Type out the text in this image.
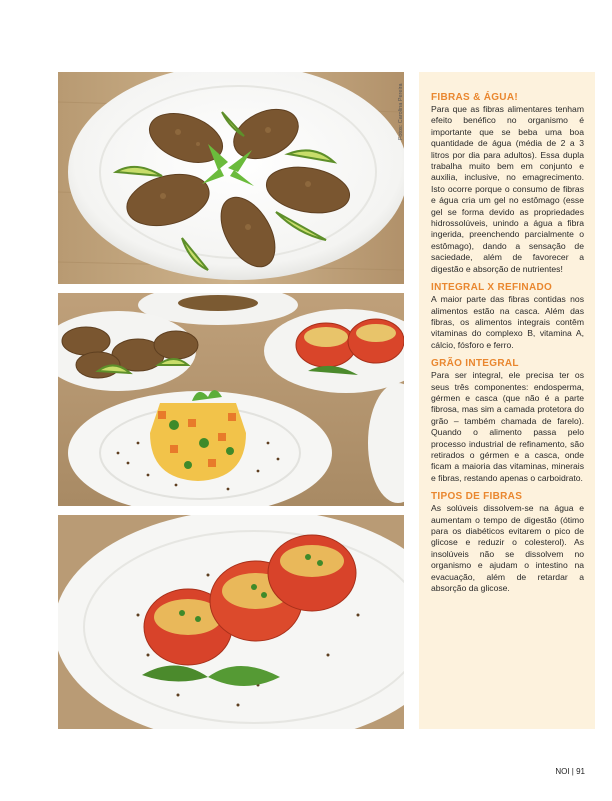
Fotos: Carolina Pereira	FIBRAS & ÁGUA!

Para que as fibras alimentares tenham efeito benéfico no organismo é importante que se beba uma boa quantidade de água (média de 2 a 3 litros por dia para adultos). Essa dupla trabalha muito bem em conjunto e auxilia, inclusive, no emagrecimento. Isto ocorre porque o consumo de fibras e água cria um gel no estômago (esse gel se forma devido as propriedades hidrossolúveis, unindo a água a fibra ingerida, preenchendo parcialmente o estômago), dando a sensação de saciedade, além de favorecer a digestão e absorção de nutrientes!

INTEGRAL X REFINADO

A maior parte das fibras contidas nos alimentos estão na casca. Além das fibras, os alimentos integrais contêm vitaminas do complexo B, vitamina A, cálcio, fósforo e ferro.

GRÃO INTEGRAL

Para ser integral, ele precisa ter os seus três componentes: endosperma, gérmen e casca (que não é a parte fibrosa, mas sim a camada protetora do grão – também chamada de farelo). Quando o alimento passa pelo processo industrial de refinamento, são retirados o gérmen e a casca, onde ficam a maioria das vitaminas, minerais e fibras, restando apenas o carboidrato.

TIPOS DE FIBRAS

As solúveis dissolvem-se na água e aumentam o tempo de digestão (ótimo para os diabéticos evitarem o pico de glicose e reduzir o colesterol). As insolúveis não se dissolvem no organismo e ajudam o intestino na evacuação, além de retardar a absorção da glicose.

NOI | 91
